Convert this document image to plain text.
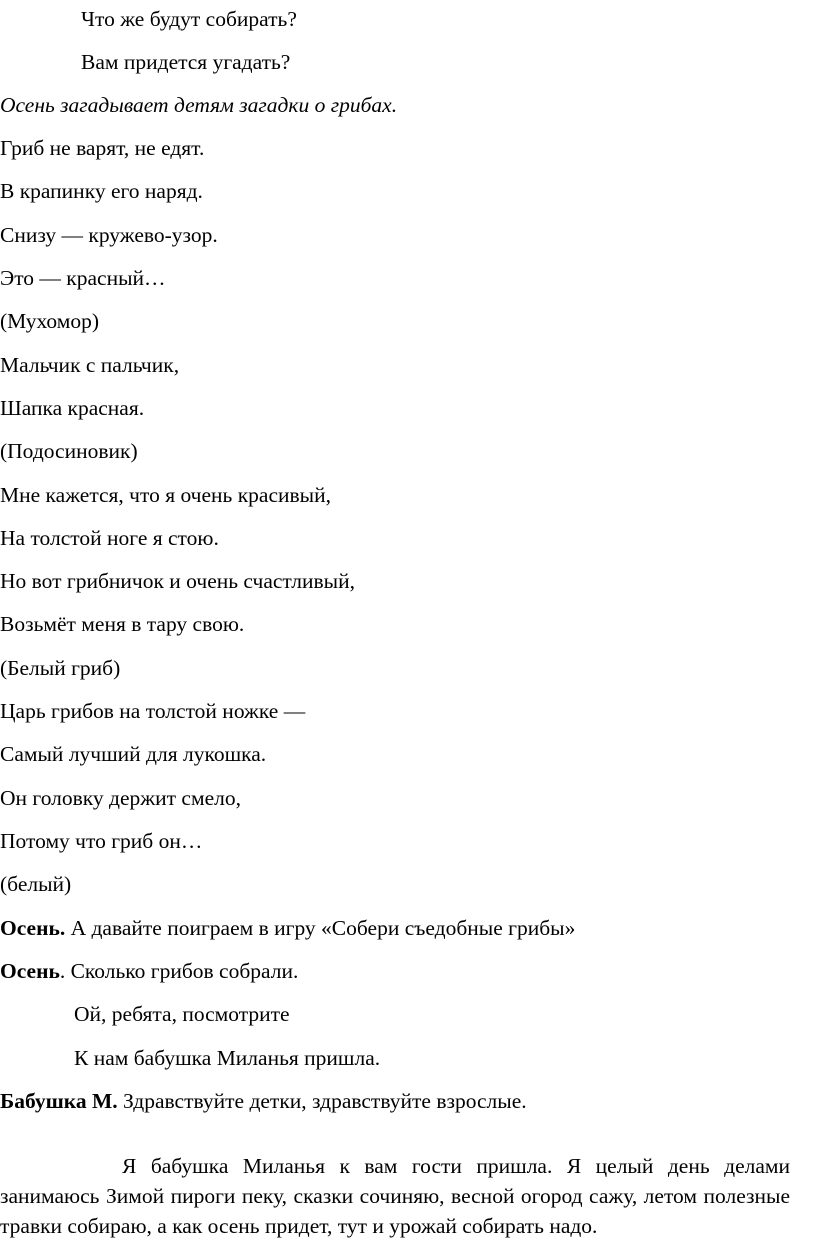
Что же будут собирать?
Вам придется угадать?
Осень загадывает детям загадки о грибах.
Гриб не варят, не едят.
В крапинку его наряд.
Снизу — кружево-узор.
Это — красный…
(Мухомор)
Мальчик с пальчик,
Шапка красная.
(Подосиновик)
Мне кажется, что я очень красивый,
На толстой ноге я стою.
Но вот грибничок и очень счастливый,
Возьмёт меня в тару свою.
(Белый гриб)
Царь грибов на толстой ножке —
Самый лучший для лукошка.
Он головку держит смело,
Потому что гриб он…
(белый)
Осень. А давайте поиграем в игру «Собери съедобные грибы»
Осень. Сколько грибов собрали.
Ой, ребята, посмотрите
К нам бабушка Миланья пришла.
Бабушка М. Здравствуйте детки, здравствуйте взрослые.
Я бабушка Миланья к вам гости пришла. Я целый день делами занимаюсь Зимой пироги пеку, сказки сочиняю, весной огород сажу, летом полезные травки собираю, а как осень придет, тут и урожай собирать надо.
